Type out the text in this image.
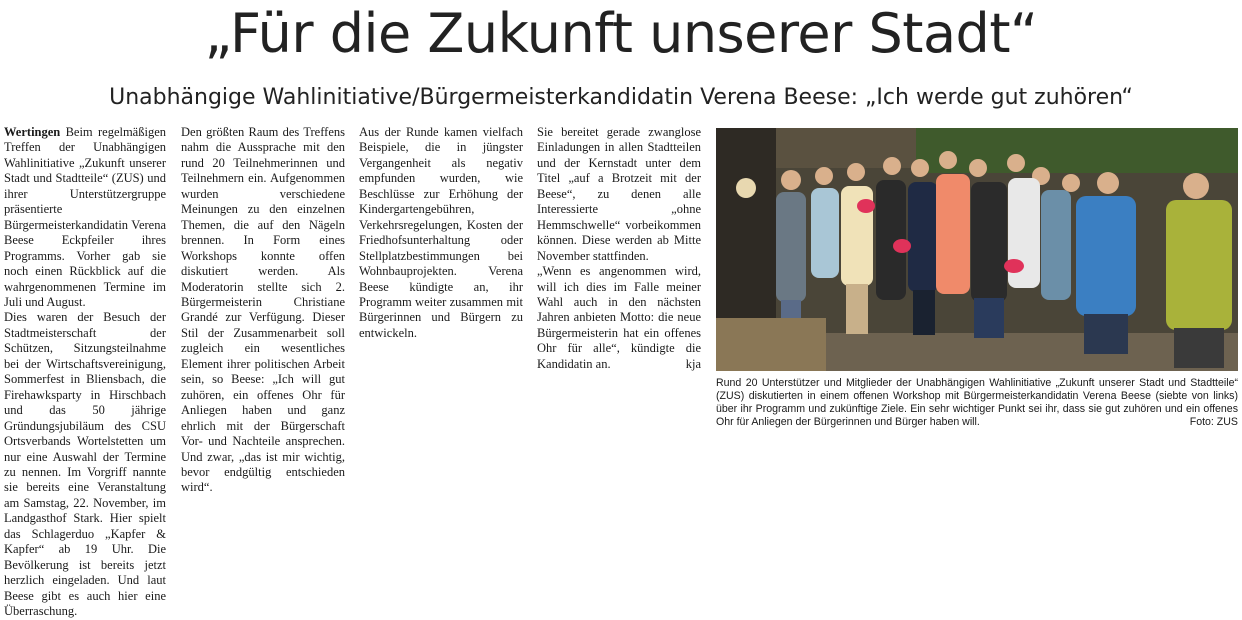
„Für die Zukunft unserer Stadt“
Unabhängige Wahlinitiative/Bürgermeisterkandidatin Verena Beese: „Ich werde gut zuhören“

Wertingen Beim regelmäßigen Treffen der Unabhängigen Wahlinitiative „Zukunft unserer Stadt und Stadtteile“ (ZUS) und ihrer Unterstützergruppe präsentierte Bürgermeisterkandidatin Verena Beese Eckpfeiler ihres Programms. Vorher gab sie noch einen Rückblick auf die wahrgenommenen Termine im Juli und August.

Dies waren der Besuch der Stadtmeisterschaft der Schützen, Sitzungsteilnahme bei der Wirtschaftsvereinigung, Sommerfest in Bliensbach, die Firehawksparty in Hirschbach und das 50 jährige Gründungsjubiläum des CSU Ortsverbands Wortelstetten um nur eine Auswahl der Termine zu nennen. Im Vorgriff nannte sie bereits eine Veranstaltung am Samstag, 22. November, im Landgasthof Stark. Hier spielt das Schlagerduo „Kapfer & Kapfer“ ab 19 Uhr. Die Bevölkerung ist bereits jetzt herzlich eingeladen. Und laut Beese gibt es auch hier eine Überraschung.

Den größten Raum des Treffens nahm die Aussprache mit den rund 20 Teilnehmerinnen und Teilnehmern ein. Aufgenommen wurden verschiedene Meinungen zu den einzelnen Themen, die auf den Nägeln brennen. In Form eines Workshops konnte offen diskutiert werden. Als Moderatorin stellte sich 2. Bürgermeisterin Christiane Grandé zur Verfügung. Dieser Stil der Zusammenarbeit soll zugleich ein wesentliches Element ihrer politischen Arbeit sein, so Beese: „Ich will gut zuhören, ein offenes Ohr für Anliegen haben und ganz ehrlich mit der Bürgerschaft Vor- und Nachteile ansprechen. Und zwar, „das ist mir wichtig, bevor endgültig entschieden wird“.

Aus der Runde kamen vielfach Beispiele, die in jüngster Vergangenheit als negativ empfunden wurden, wie Beschlüsse zur Erhöhung der Kindergartengebühren, Verkehrsregelungen, Kosten der Friedhofsunterhaltung oder Stellplatzbestimmungen bei Wohnbauprojekten. Verena Beese kündigte an, ihr Programm weiter zusammen mit Bürgerinnen und Bürgern zu entwickeln.

Sie bereitet gerade zwanglose Einladungen in allen Stadtteilen und der Kernstadt unter dem Titel „auf a Brotzeit mit der Beese“, zu denen alle Interessierte „ohne Hemmschwelle“ vorbeikommen können. Diese werden ab Mitte November stattfinden.

„Wenn es angenommen wird, will ich dies im Falle meiner Wahl auch in den nächsten Jahren anbieten Motto: die neue Bürgermeisterin hat ein offenes Ohr für alle“, kündigte die Kandidatin an.	kja

Rund 20 Unterstützer und Mitglieder der Unabhängigen Wahlinitiative „Zukunft unserer Stadt und Stadtteile“ (ZUS) diskutierten in einem offenen Workshop mit Bürgermeisterkandidatin Verena Beese (siebte von links) über ihr Programm und zukünftige Ziele. Ein sehr wichtiger Punkt sei ihr, dass sie gut zuhören und ein offenes Ohr für Anliegen der Bürgerinnen und Bürger haben will.	Foto: ZUS
